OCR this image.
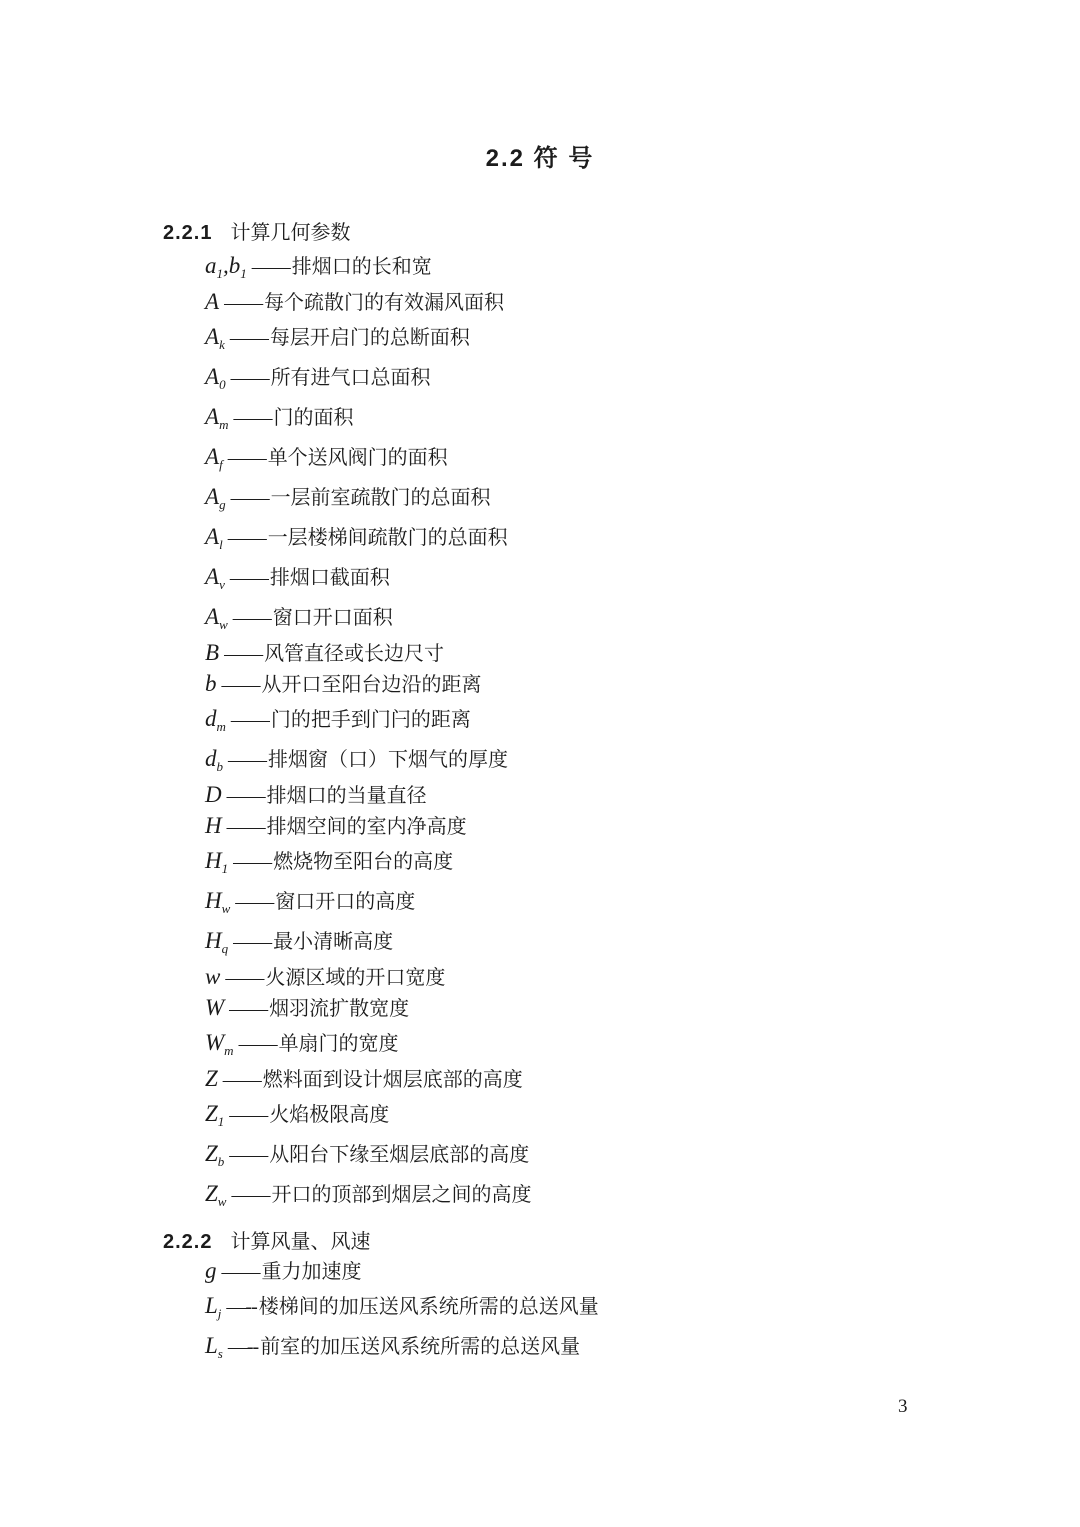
2.2 符 号
2.2.1 计算几何参数
$a_1,b_1$ —— 排烟口的长和宽
A —— 每个疏散门的有效漏风面积
$A_k$ —— 每层开启门的总断面积
$A_0$ —— 所有进气口总面积
$A_m$ —— 门的面积
$A_f$ —— 单个送风阀门的面积
$A_g$ —— 一层前室疏散门的总面积
$A_l$ —— 一层楼梯间疏散门的总面积
$A_v$ —— 排烟口截面积
$A_w$ —— 窗口开口面积
B —— 风管直径或长边尺寸
b —— 从开口至阳台边沿的距离
$d_m$ —— 门的把手到门闩的距离
$d_b$ —— 排烟窗（口）下烟气的厚度
D —— 排烟口的当量直径
H —— 排烟空间的室内净高度
$H_1$ —— 燃烧物至阳台的高度
$H_w$ —— 窗口开口的高度
$H_q$ —— 最小清晰高度
w —— 火源区域的开口宽度
W —— 烟羽流扩散宽度
$W_m$ —— 单扇门的宽度
Z —— 燃料面到设计烟层底部的高度
$Z_1$ —— 火焰极限高度
$Z_b$ —— 从阳台下缘至烟层底部的高度
$Z_w$ —— 开口的顶部到烟层之间的高度
2.2.2 计算风量、风速
g —— 重力加速度
$L_j$ —-- 楼梯间的加压送风系统所需的总送风量
$L_s$ —-- 前室的加压送风系统所需的总送风量
3
